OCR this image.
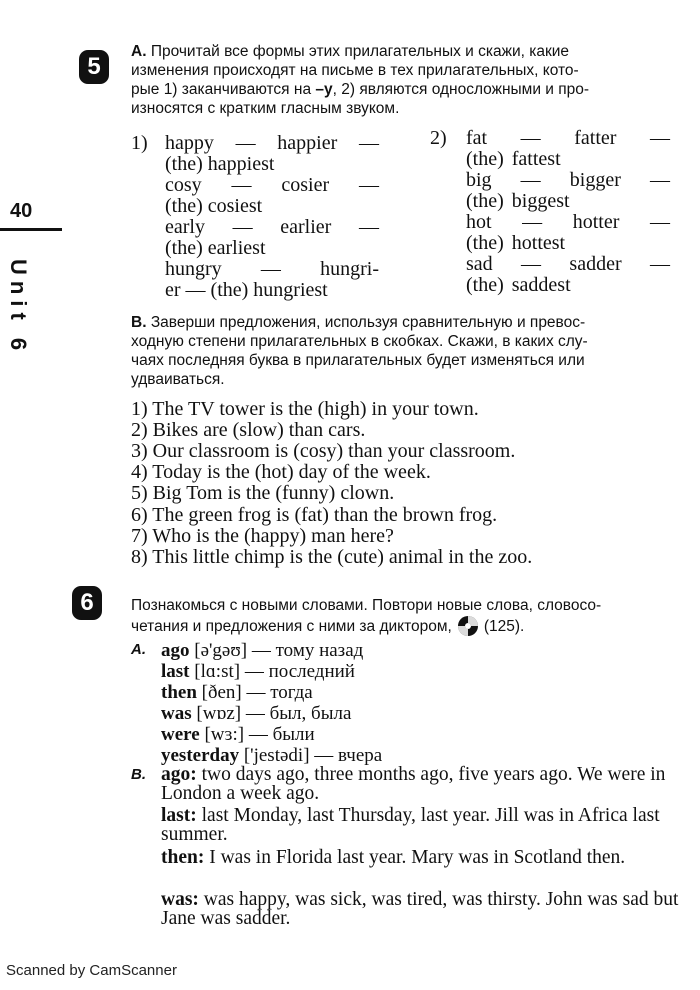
40
Unit 6
5
A. Прочитай все формы этих прилагательных и скажи, какие
изменения происходят на письме в тех прилагательных, кото-
рые 1) заканчиваются на –y, 2) являются односложными и про-
износятся с кратким гласным звуком.
1) happy — happier —
(the) happiest
cosy — cosier —
(the) cosiest
early — earlier —
(the) earliest
hungry — hungri-
er — (the) hungriest
2) fat — fatter —
(the) fattest
big — bigger —
(the) biggest
hot — hotter —
(the) hottest
sad — sadder —
(the) saddest
B. Заверши предложения, используя сравнительную и превос-
ходную степени прилагательных в скобках. Скажи, в каких слу-
чаях последняя буква в прилагательных будет изменяться или
удваиваться.
1) The TV tower is the (high) in your town.
2) Bikes are (slow) than cars.
3) Our classroom is (cosy) than your classroom.
4) Today is the (hot) day of the week.
5) Big Tom is the (funny) clown.
6) The green frog is (fat) than the brown frog.
7) Who is the (happy) man here?
8) This little chimp is the (cute) animal in the zoo.
6	Познакомься с новыми словами. Повтори новые слова, словосо-
четания и предложения с ними за диктором, (125).
A. ago [ə'gəʊ] — тому назад
last [lɑ:st] — последний
then [ðen] — тогда
was [wɒz] — был, была
were [wɜ:] — были
yesterday ['jestədi] — вчера
B. ago: two days ago, three months ago, five years ago. We were in London a week ago.
last: last Monday, last Thursday, last year. Jill was in Africa last summer.
then: I was in Florida last year. Mary was in Scotland then.
was: was happy, was sick, was tired, was thirsty. John was sad but Jane was sadder.
Scanned by CamScanner
